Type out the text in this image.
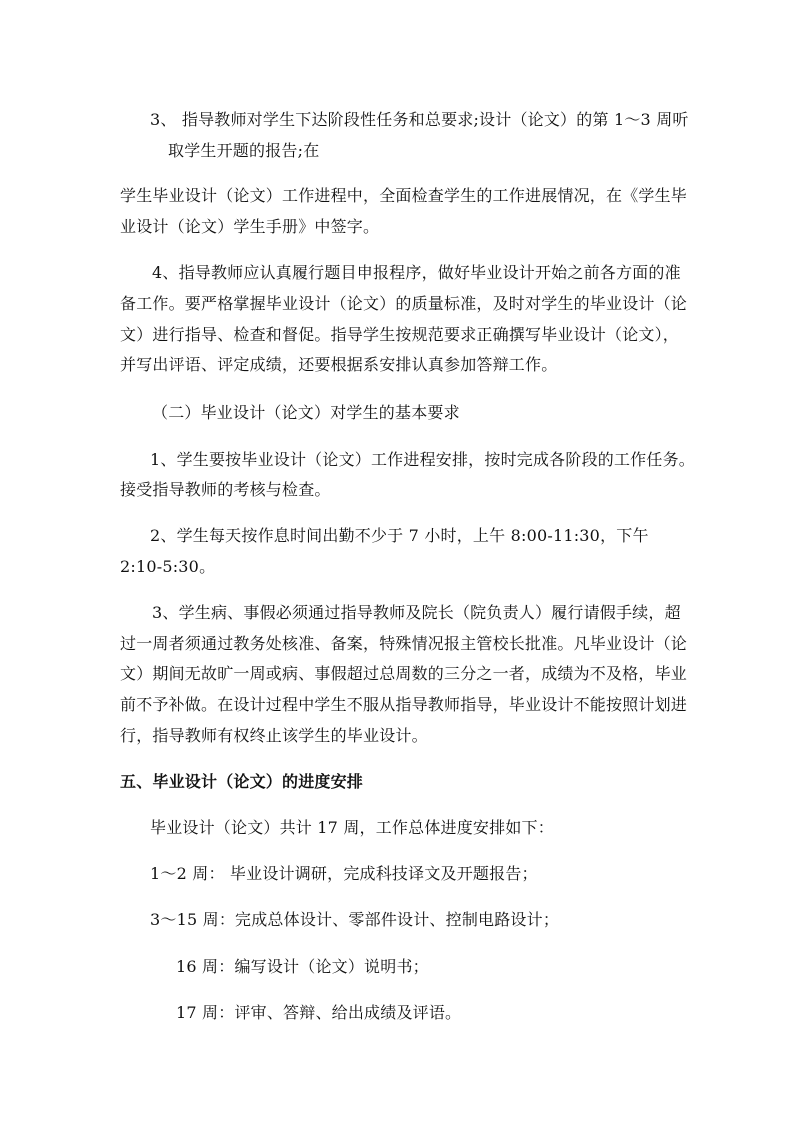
3、 指导教师对学生下达阶段性任务和总要求;设计（论文）的第 1～3 周听
取学生开题的报告;在
学生毕业设计（论文）工作进程中，全面检查学生的工作进展情况，在《学生毕
业设计（论文）学生手册》中签字。
4、指导教师应认真履行题目申报程序，做好毕业设计开始之前各方面的准
备工作。要严格掌握毕业设计（论文）的质量标准，及时对学生的毕业设计（论
文）进行指导、检查和督促。指导学生按规范要求正确撰写毕业设计（论文），
并写出评语、评定成绩，还要根据系安排认真参加答辩工作。
（二）毕业设计（论文）对学生的基本要求
1、学生要按毕业设计（论文）工作进程安排，按时完成各阶段的工作任务。
接受指导教师的考核与检查。
2、学生每天按作息时间出勤不少于 7 小时，上午 8:00-11:30，下午
2:10-5:30。
3、学生病、事假必须通过指导教师及院长（院负责人）履行请假手续，超
过一周者须通过教务处核准、备案，特殊情况报主管校长批准。凡毕业设计（论
文）期间无故旷一周或病、事假超过总周数的三分之一者，成绩为不及格，毕业
前不予补做。在设计过程中学生不服从指导教师指导，毕业设计不能按照计划进
行，指导教师有权终止该学生的毕业设计。
五、毕业设计（论文）的进度安排
毕业设计（论文）共计 17 周，工作总体进度安排如下：
1～2 周： 毕业设计调研，完成科技译文及开题报告；
3～15 周：完成总体设计、零部件设计、控制电路设计；
16 周：编写设计（论文）说明书；
17 周：评审、答辩、给出成绩及评语。
